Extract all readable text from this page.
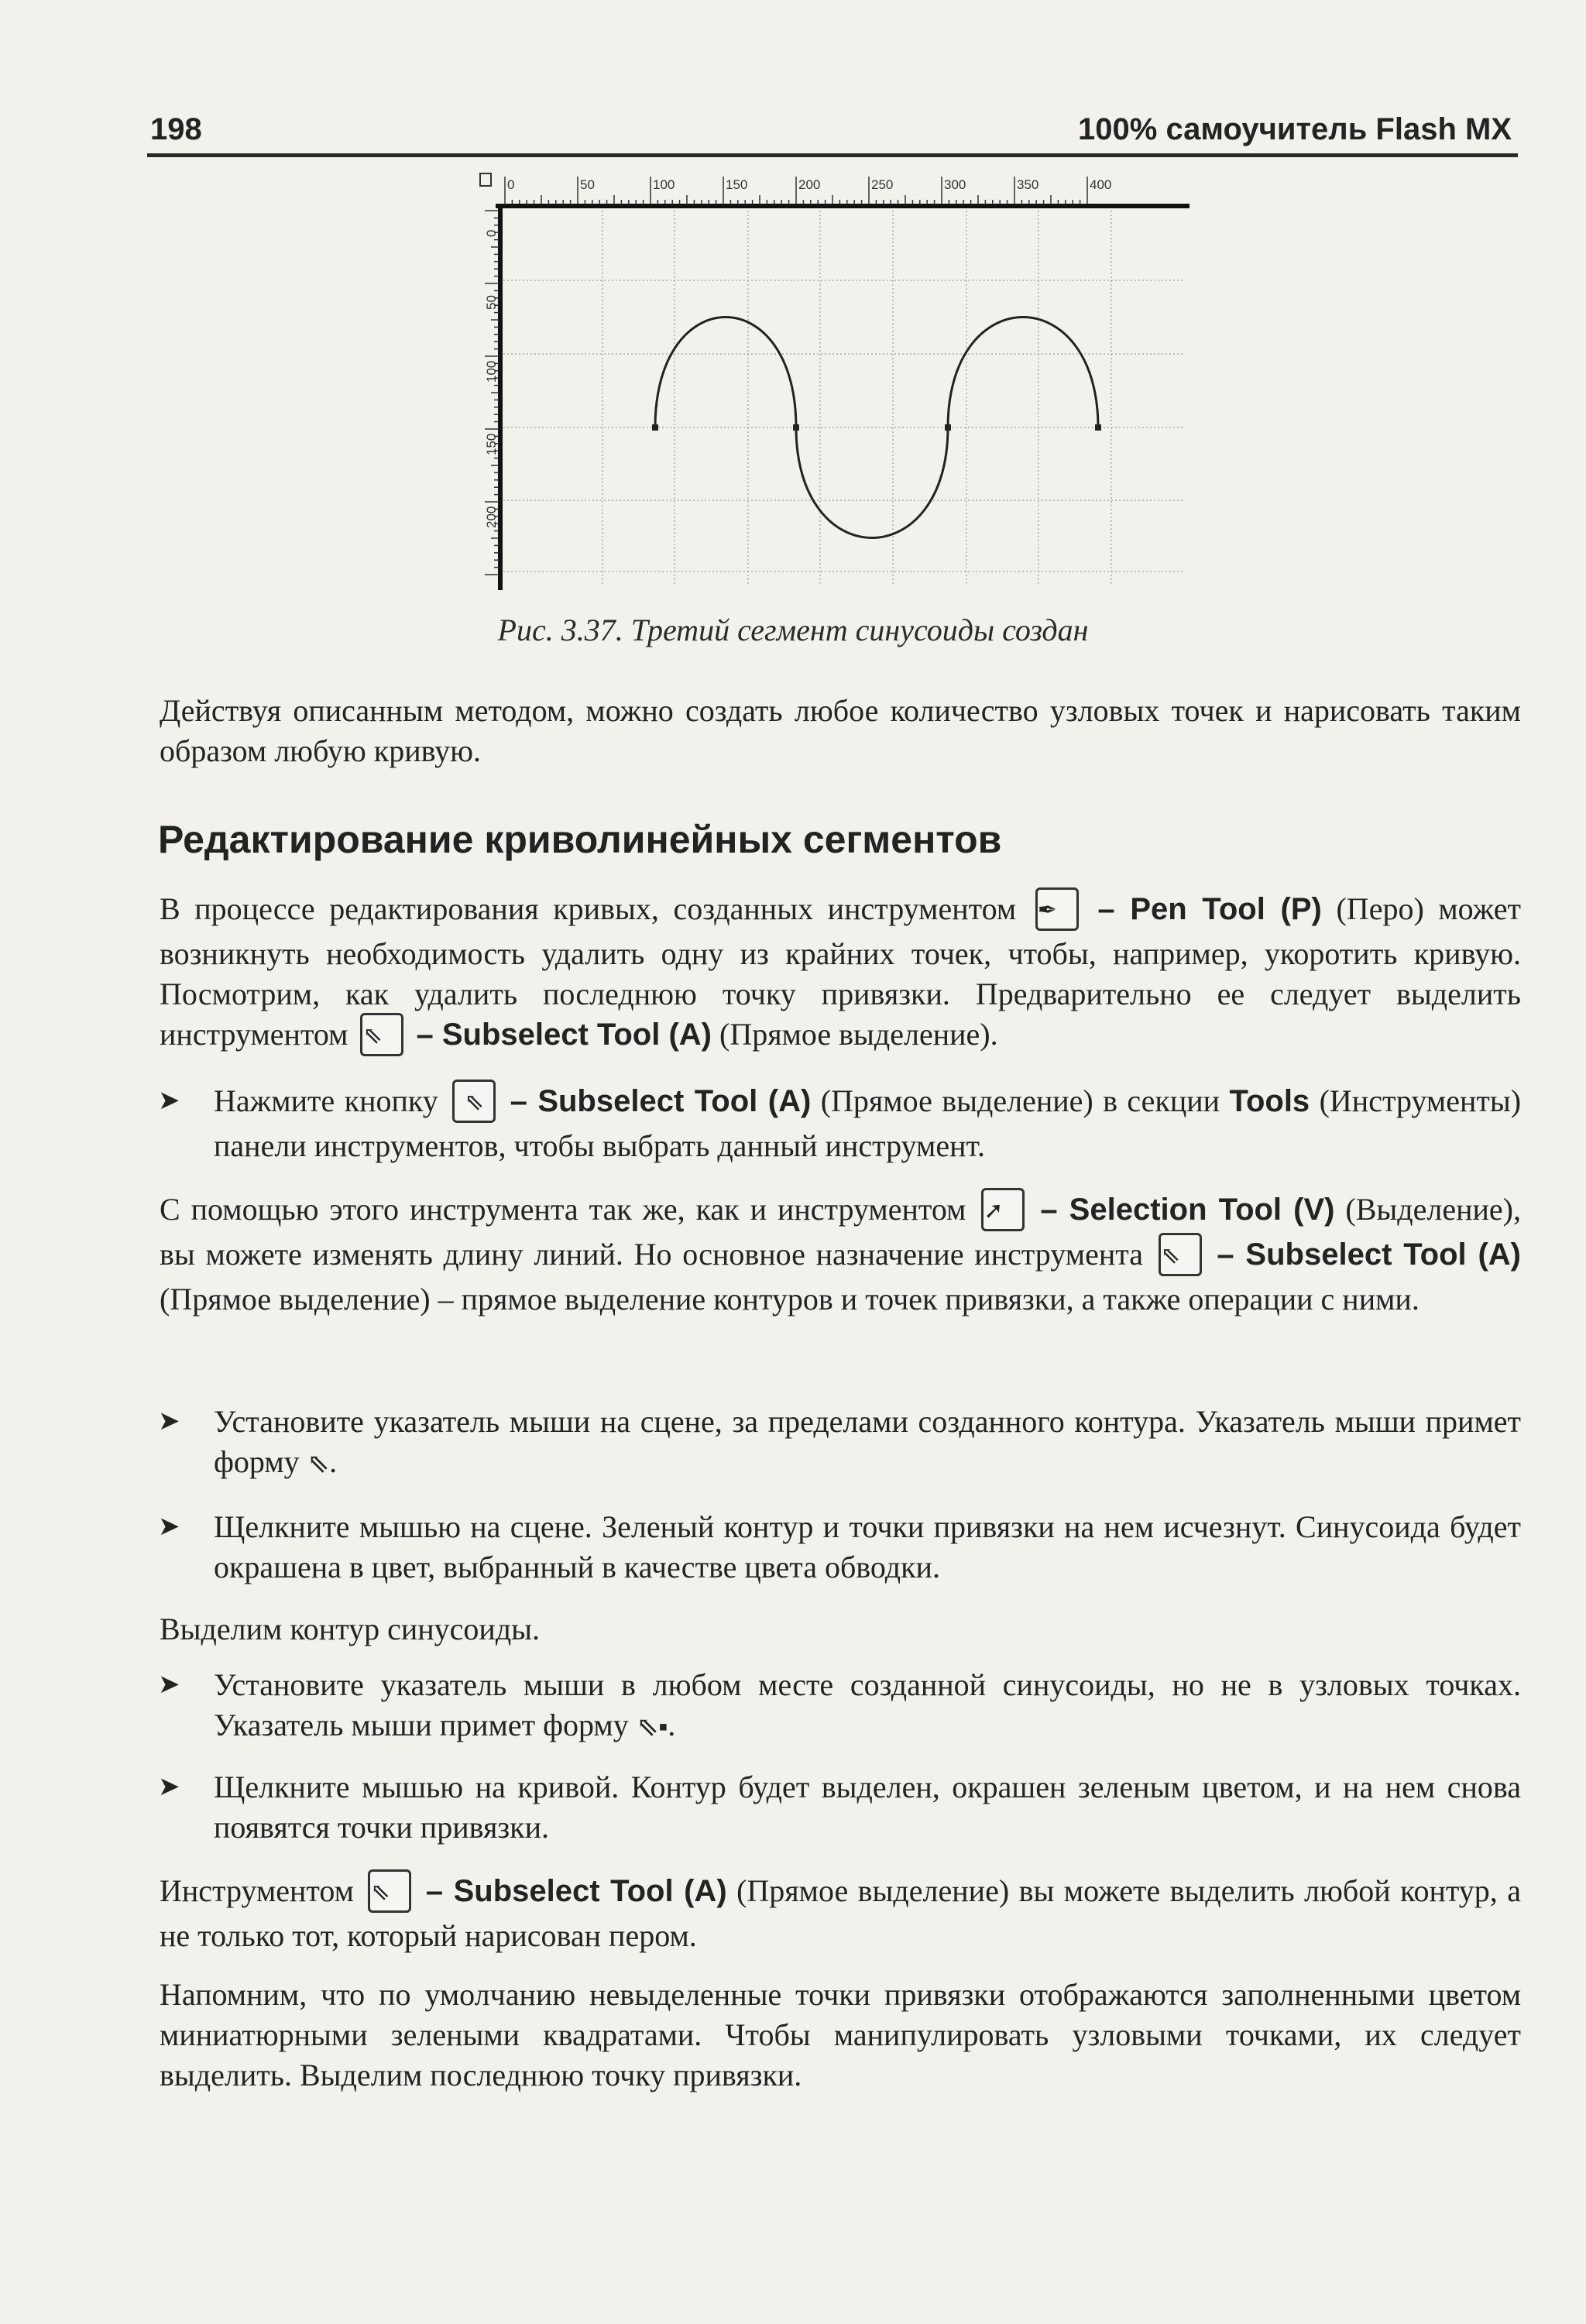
198	100% самоучитель Flash MX
0	50	100	150	200	250	300	350	400
0
50
100
150
200
Рис. 3.37. Третий сегмент синусоиды создан
Действуя описанным методом, можно создать любое количество узловых точек и нарисовать таким образом любую кривую.
Редактирование криволинейных сегментов
В процессе редактирования кривых, созданных инструментом ✒ – Pen Tool (P) (Перо) может возникнуть необходимость удалить одну из крайних точек, чтобы, например, укоротить кривую. Посмотрим, как удалить последнюю точку привязки. Предварительно ее следует выделить инструментом ⇖ – Subselect Tool (A) (Прямое выделение).
➤ Нажмите кнопку ⇖ – Subselect Tool (A) (Прямое выделение) в секции Tools (Инструменты) панели инструментов, чтобы выбрать данный инструмент.
С помощью этого инструмента так же, как и инструментом ➚ – Selection Tool (V) (Выделение), вы можете изменять длину линий. Но основное назначение инструмента ⇖ – Subselect Tool (A) (Прямое выделение) – прямое выделение контуров и точек привязки, а также операции с ними.
➤ Установите указатель мыши на сцене, за пределами созданного контура. Указатель мыши примет форму ⇖.
➤ Щелкните мышью на сцене. Зеленый контур и точки привязки на нем исчезнут. Синусоида будет окрашена в цвет, выбранный в качестве цвета обводки.
Выделим контур синусоиды.
➤ Установите указатель мыши в любом месте созданной синусоиды, но не в узловых точках. Указатель мыши примет форму ⇖▪.
➤ Щелкните мышью на кривой. Контур будет выделен, окрашен зеленым цветом, и на нем снова появятся точки привязки.
Инструментом ⇖ – Subselect Tool (A) (Прямое выделение) вы можете выделить любой контур, а не только тот, который нарисован пером.
Напомним, что по умолчанию невыделенные точки привязки отображаются заполненными цветом миниатюрными зелеными квадратами. Чтобы манипулировать узловыми точками, их следует выделить. Выделим последнюю точку привязки.
